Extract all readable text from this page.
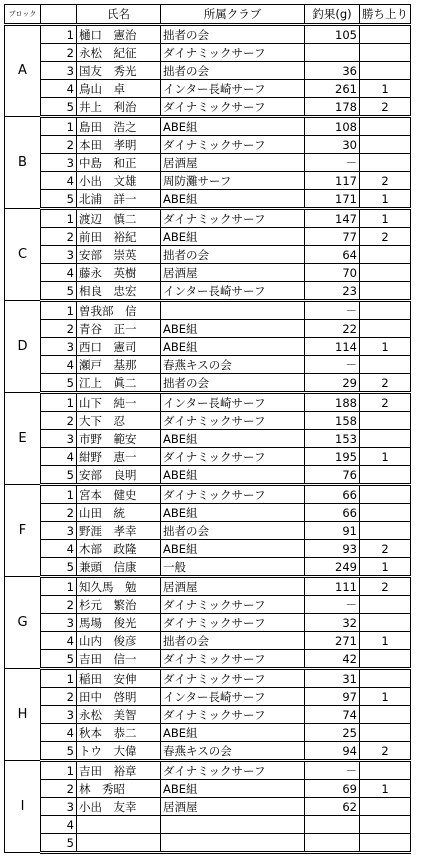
ブロック		氏名	所属クラブ	釣果(g)	勝ち上り
A	1	樋口　憲治	拙者の会	105	
	2	永松　紀征	ダイナミックサーフ		
	3	国友　秀光	拙者の会	36	
	4	鳥山　卓	インター長崎サーフ	261	1
	5	井上　利治	ダイナミックサーフ	178	2
B	1	島田　浩之	ABE組	108	
	2	本田　孝明	ダイナミックサーフ	30	
	3	中島　和正	居酒屋	－	
	4	小出　文雄	周防灘サーフ	117	2
	5	北浦　詳一	ABE組	171	1
C	1	渡辺　慎二	ダイナミックサーフ	147	1
	2	前田　裕紀	ABE組	77	2
	3	安部　崇英	拙者の会	64	
	4	藤永　英樹	居酒屋	70	
	5	相良　忠宏	インター長崎サーフ	23	
D	1	曽我部　信		－	
	2	青谷　正一	ABE組	22	
	3	西口　憲司	ABE組	114	1
	4	瀬戸　基那	春燕キスの会	－	
	5	江上　眞二	拙者の会	29	2
E	1	山下　純一	インター長崎サーフ	188	2
	2	大下　忍	ダイナミックサーフ	158	
	3	市野　範安	ABE組	153	
	4	紺野　恵一	ダイナミックサーフ	195	1
	5	安部　良明	ABE組	76	
F	1	宮本　健史	ダイナミックサーフ	66	
	2	山田　統	ABE組	66	
	3	野涯　孝幸	拙者の会	91	
	4	木部　政隆	ABE組	93	2
	5	兼頭　信康	一般	249	1
G	1	知久馬　勉	居酒屋	111	2
	2	杉元　繁治	ダイナミックサーフ	－	
	3	馬場　俊光	ダイナミックサーフ	32	
	4	山内　俊彦	拙者の会	271	1
	5	吉田　信一	ダイナミックサーフ	42	
H	1	稲田　安伸	ダイナミックサーフ	31	
	2	田中　啓明	インター長崎サーフ	97	1
	3	永松　美智	ダイナミックサーフ	74	
	4	秋本　恭二	ABE組	25	
	5	トウ　大偉	春燕キスの会	94	2
I	1	吉田　裕章	ダイナミックサーフ	－	
	2	林　秀昭	ABE組	69	1
	3	小出　友幸	居酒屋	62	
	4				
	5				
